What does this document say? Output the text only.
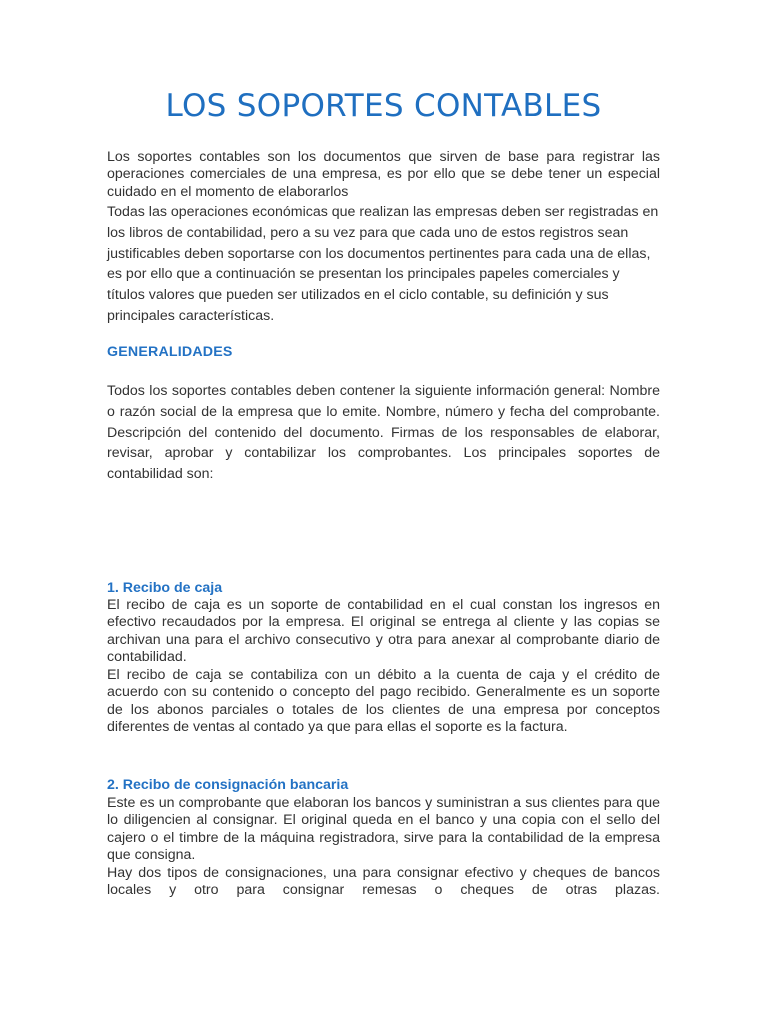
LOS SOPORTES CONTABLES

Los soportes contables son los documentos que sirven de base para registrar las operaciones comerciales de una empresa, es por ello que se debe tener un especial cuidado en el momento de elaborarlos

Todas las operaciones económicas que realizan las empresas deben ser registradas en los libros de contabilidad, pero a su vez para que cada uno de estos registros sean justificables deben soportarse con los documentos pertinentes para cada una de ellas, es por ello que a continuación se presentan los principales papeles comerciales y títulos valores que pueden ser utilizados en el ciclo contable, su definición y sus principales características.

GENERALIDADES

Todos los soportes contables deben contener la siguiente información general: Nombre o razón social de la empresa que lo emite. Nombre, número y fecha del comprobante. Descripción del contenido del documento. Firmas de los responsables de elaborar, revisar, aprobar y contabilizar los comprobantes. Los principales soportes de contabilidad son:

1. Recibo de caja

El recibo de caja es un soporte de contabilidad en el cual constan los ingresos en efectivo recaudados por la empresa. El original se entrega al cliente y las copias se archivan una para el archivo consecutivo y otra para anexar al comprobante diario de contabilidad.

El recibo de caja se contabiliza con un débito a la cuenta de caja y el crédito de acuerdo con su contenido o concepto del pago recibido. Generalmente es un soporte de los abonos parciales o totales de los clientes de una empresa por conceptos diferentes de ventas al contado ya que para ellas el soporte es la factura.

2. Recibo de consignación bancaria

Este es un comprobante que elaboran los bancos y suministran a sus clientes para que lo diligencien al consignar. El original queda en el banco y una copia con el sello del cajero o el timbre de la máquina registradora, sirve para la contabilidad de la empresa que consigna.

Hay dos tipos de consignaciones, una para consignar efectivo y cheques de bancos locales y otro para consignar remesas o cheques de otras plazas.
